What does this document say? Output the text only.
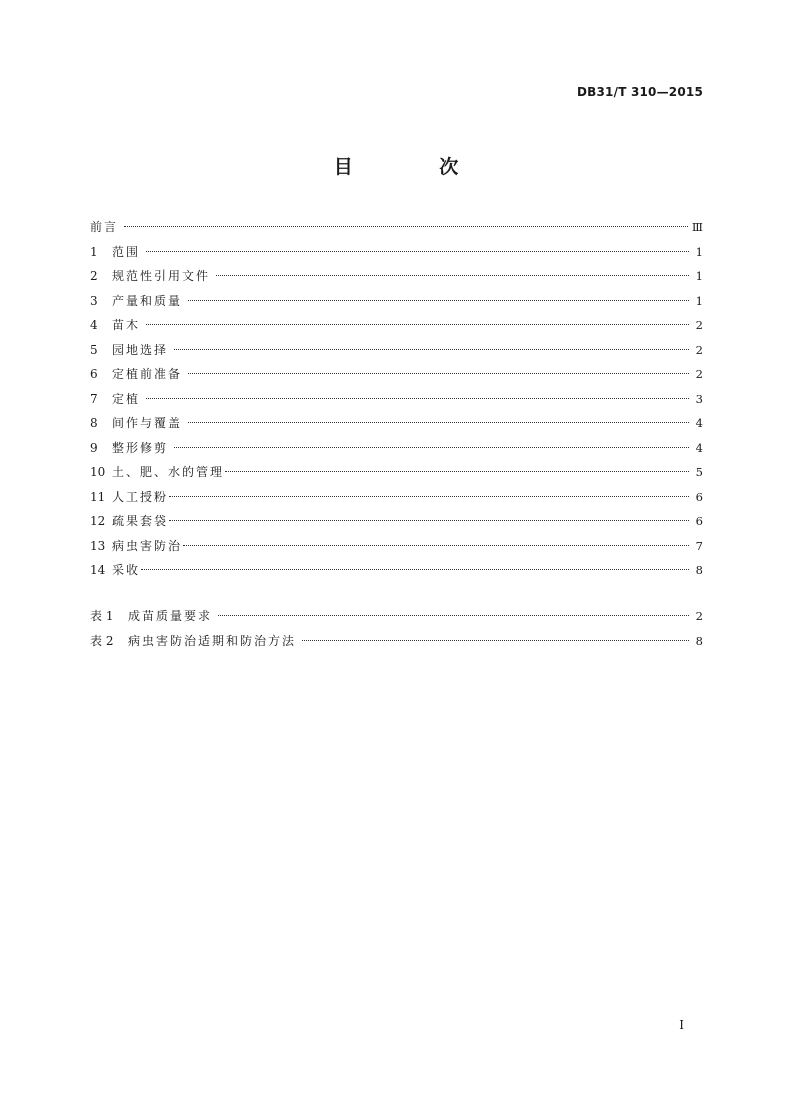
DB31/T 310—2015
目 次
前言	Ⅲ
1	范围	1
2	规范性引用文件	1
3	产量和质量	1
4	苗木	2
5	园地选择	2
6	定植前准备	2
7	定植	3
8	间作与覆盖	4
9	整形修剪	4
10 土、肥、水的管理	5
11 人工授粉	6
12 疏果套袋	6
13 病虫害防治	7
14 采收	8
表 1	成苗质量要求	2
表 2	病虫害防治适期和防治方法	8
I
